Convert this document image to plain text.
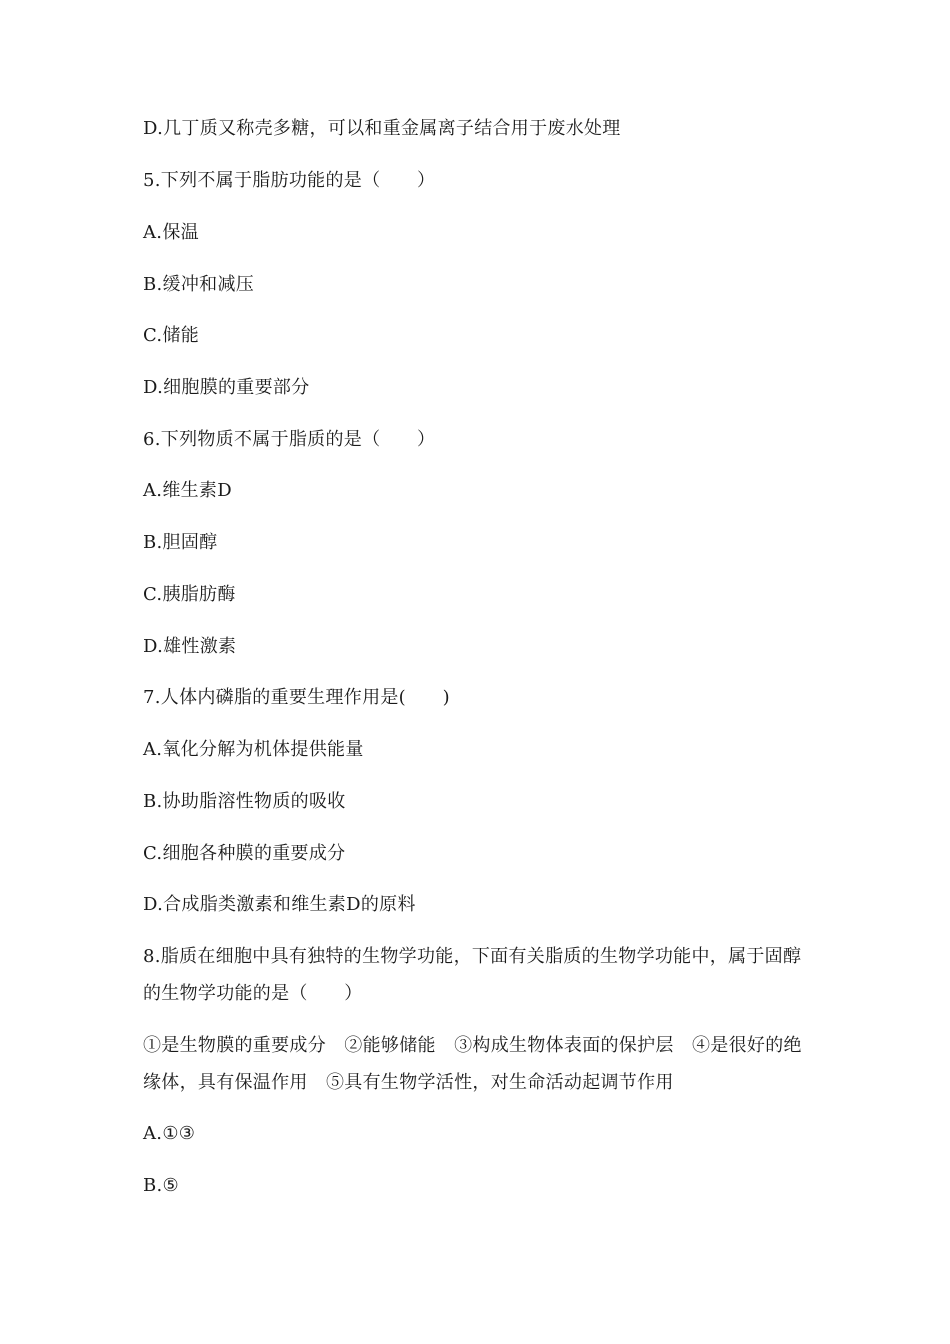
D.几丁质又称壳多糖，可以和重金属离子结合用于废水处理
5.下列不属于脂肪功能的是（　　）
A.保温
B.缓冲和减压
C.储能
D.细胞膜的重要部分
6.下列物质不属于脂质的是（　　）
A.维生素D
B.胆固醇
C.胰脂肪酶
D.雄性激素
7.人体内磷脂的重要生理作用是(　　)
A.氧化分解为机体提供能量
B.协助脂溶性物质的吸收
C.细胞各种膜的重要成分
D.合成脂类激素和维生素D的原料
8.脂质在细胞中具有独特的生物学功能，下面有关脂质的生物学功能中，属于固醇的生物学功能的是（　　）
①是生物膜的重要成分　②能够储能　③构成生物体表面的保护层　④是很好的绝缘体，具有保温作用　⑤具有生物学活性，对生命活动起调节作用
A.①③
B.⑤
